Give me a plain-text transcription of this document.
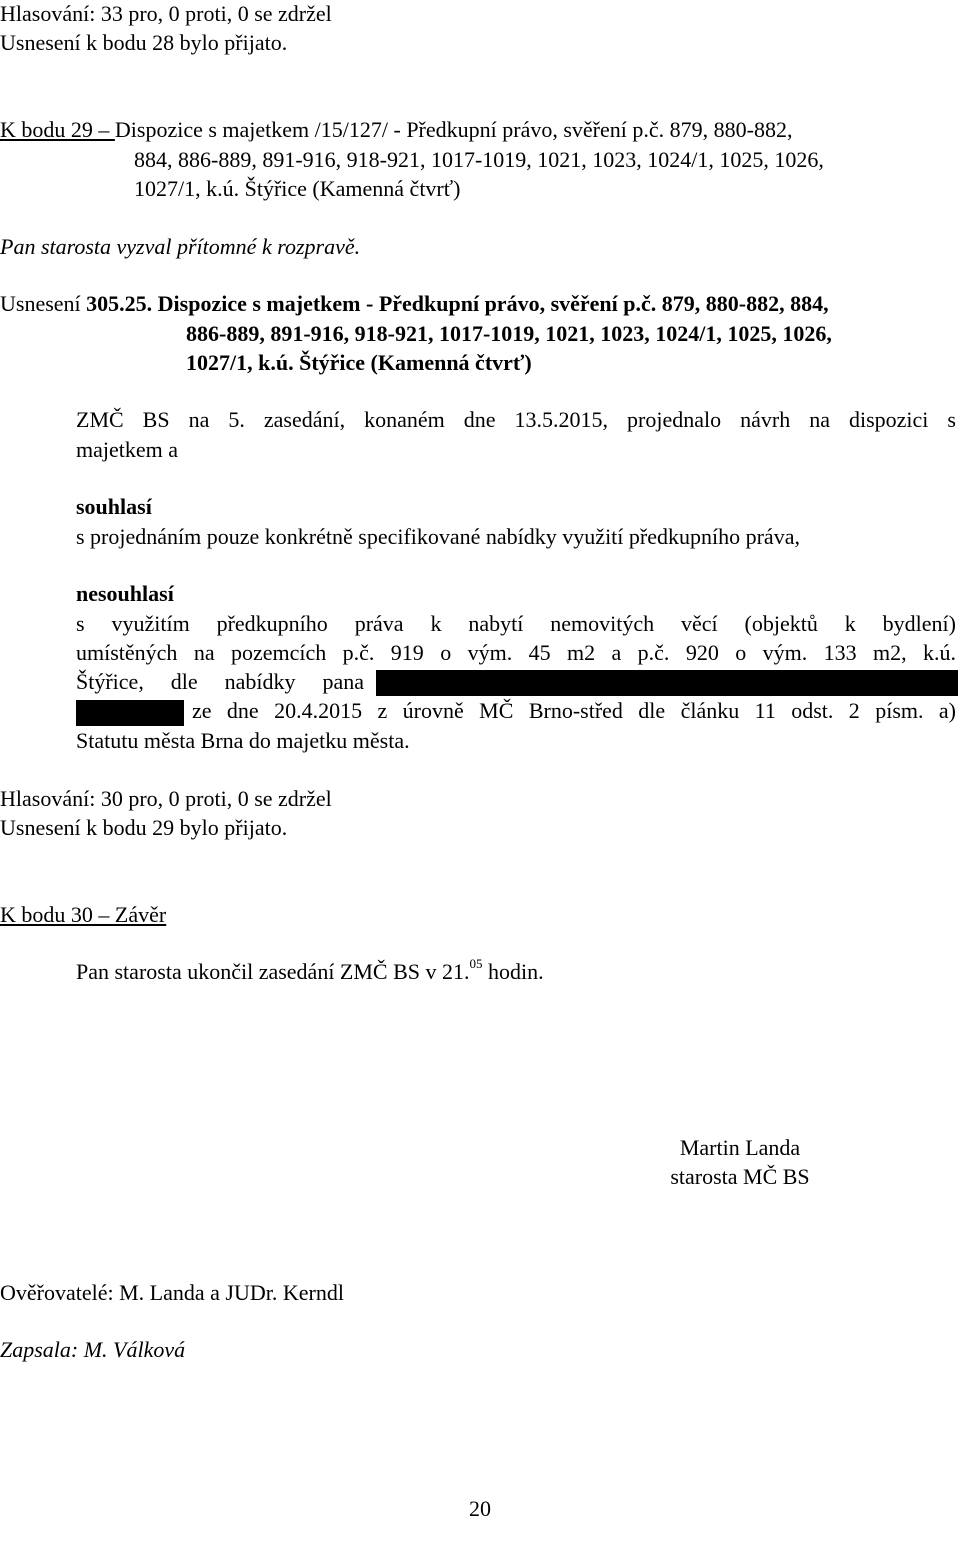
Hlasování: 33 pro, 0 proti, 0 se zdržel
Usnesení k bodu 28 bylo přijato.
K bodu 29 – Dispozice s majetkem /15/127/ - Předkupní právo, svěření p.č. 879, 880-882,
884, 886-889, 891-916, 918-921, 1017-1019, 1021, 1023, 1024/1, 1025, 1026,
1027/1, k.ú. Štýřice (Kamenná čtvrť)
Pan starosta vyzval přítomné k rozpravě.
Usnesení 305.25. Dispozice s majetkem - Předkupní právo, svěření p.č. 879, 880-882, 884,
886-889, 891-916, 918-921, 1017-1019, 1021, 1023, 1024/1, 1025, 1026,
1027/1, k.ú. Štýřice (Kamenná čtvrť)
ZMČ BS na 5. zasedání, konaném dne 13.5.2015, projednalo návrh na dispozici s
majetkem a
souhlasí
s projednáním pouze konkrétně specifikované nabídky využití předkupního práva,
nesouhlasí
s využitím předkupního práva k nabytí nemovitých věcí (objektů k bydlení)
umístěných na pozemcích p.č. 919 o vým. 45 m2 a p.č. 920 o vým. 133 m2, k.ú.
Štýřice, dle nabídky pana
ze dne 20.4.2015 z úrovně MČ Brno-střed dle článku 11 odst. 2 písm. a)
Statutu města Brna do majetku města.
Hlasování: 30 pro, 0 proti, 0 se zdržel
Usnesení k bodu 29 bylo přijato.
K bodu 30 – Závěr
Pan starosta ukončil zasedání ZMČ BS v 21.05 hodin.
Martin Landa
starosta MČ BS
Ověřovatelé: M. Landa a JUDr. Kerndl
Zapsala: M. Válková
20
